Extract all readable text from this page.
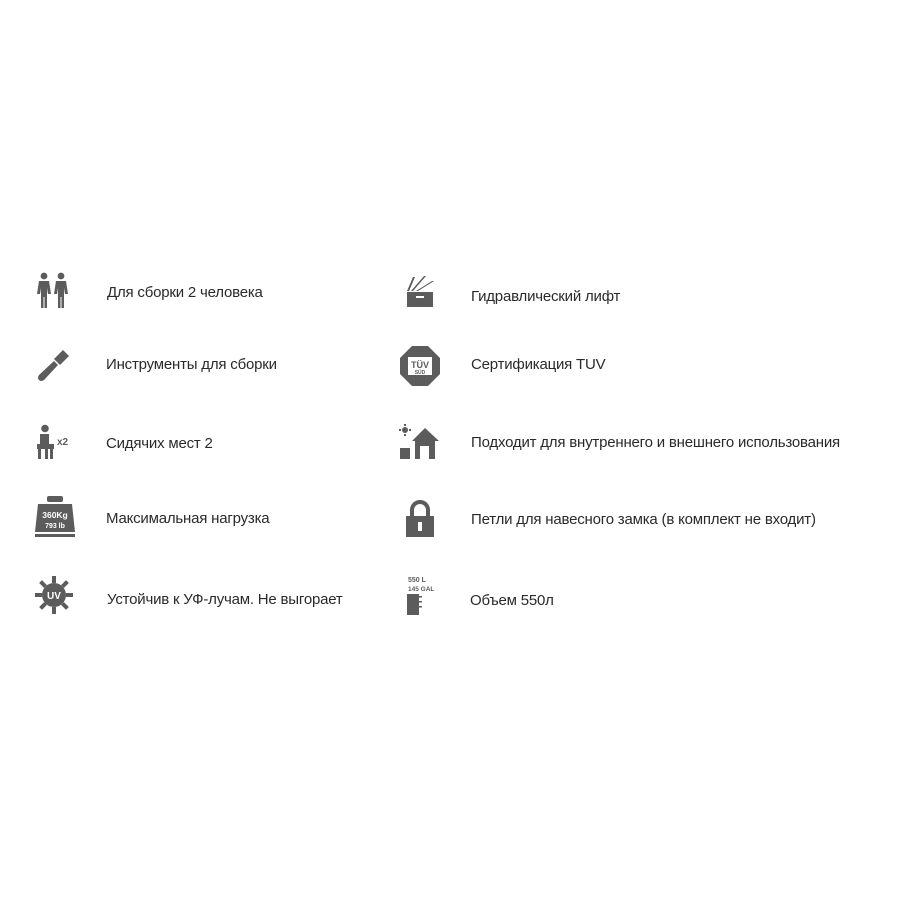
Для сборки 2 человека
Инструменты для сборки
x2	Сидячих мест 2
360Kg
793 lb	Максимальная нагрузка
UV	Устойчив к УФ-лучам. Не выгорает
Гидравлический лифт
TÜV
SÜD	Сертификация TUV
Подходит для внутреннего и внешнего использования
Петли для навесного замка (в комплект не входит)
550 L
145 GAL
Объем 550л
